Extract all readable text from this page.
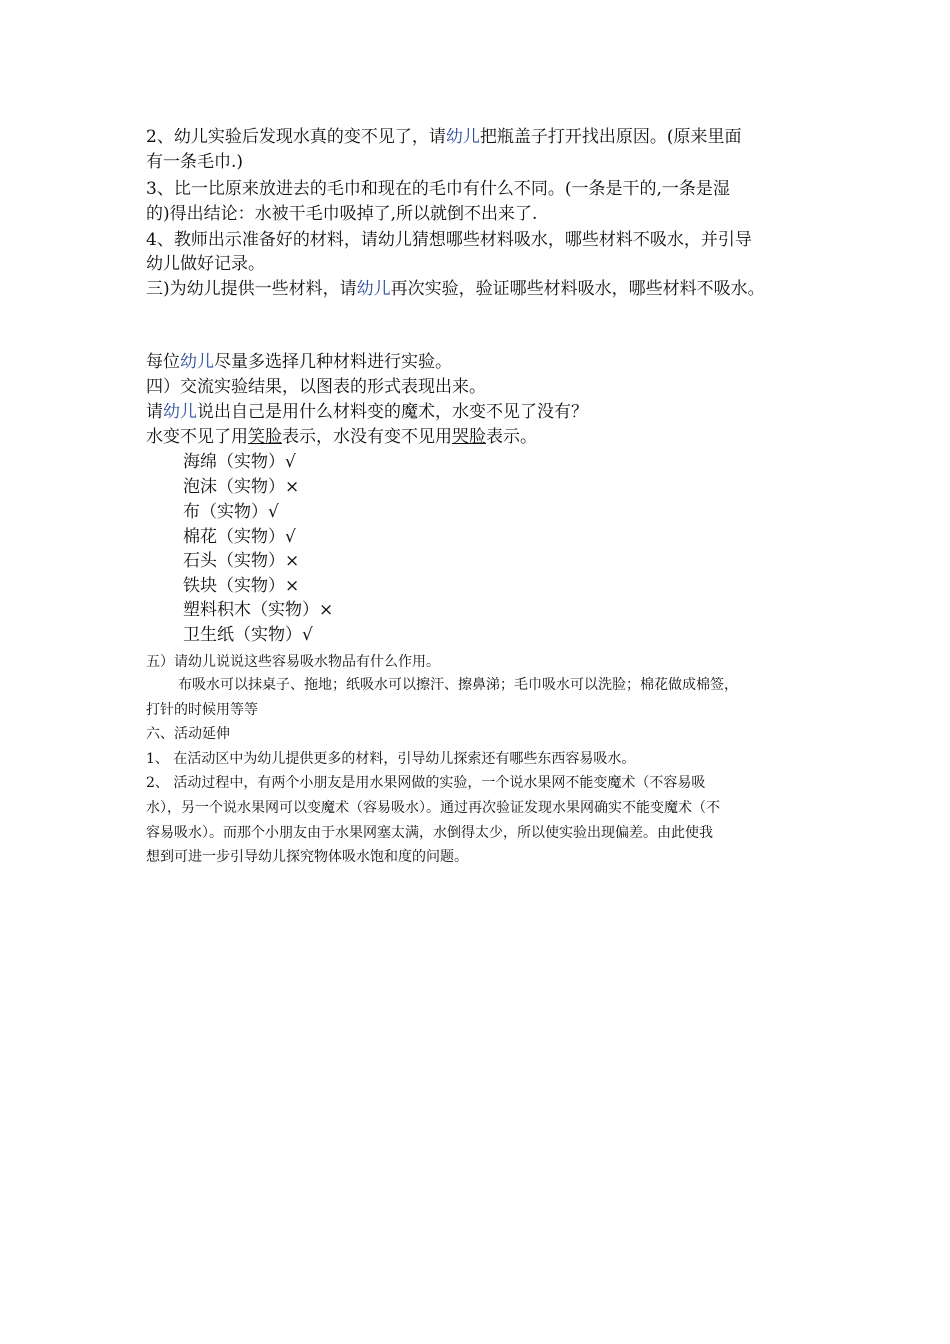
2、幼儿实验后发现水真的变不见了，请幼儿把瓶盖子打开找出原因。(原来里面
有一条毛巾.)
3、比一比原来放进去的毛巾和现在的毛巾有什么不同。(一条是干的,一条是湿
的)得出结论：水被干毛巾吸掉了,所以就倒不出来了.
4、教师出示准备好的材料，请幼儿猜想哪些材料吸水，哪些材料不吸水，并引导
幼儿做好记录。
三)为幼儿提供一些材料，请幼儿再次实验，验证哪些材料吸水，哪些材料不吸水。
每位幼儿尽量多选择几种材料进行实验。
四）交流实验结果，以图表的形式表现出来。
请幼儿说出自己是用什么材料变的魔术，水变不见了没有？
水变不见了用笑脸表示，水没有变不见用哭脸表示。
海绵（实物）√
泡沫（实物）×
布（实物）√
棉花（实物）√
石头（实物）×
铁块（实物）×
塑料积木（实物）×
卫生纸（实物）√
五）请幼儿说说这些容易吸水物品有什么作用。
布吸水可以抹桌子、拖地；纸吸水可以擦汗、擦鼻涕；毛巾吸水可以洗脸；棉花做成棉签，
打针的时候用等等
六、活动延伸
1、 在活动区中为幼儿提供更多的材料，引导幼儿探索还有哪些东西容易吸水。
2、 活动过程中，有两个小朋友是用水果网做的实验，一个说水果网不能变魔术（不容易吸
水），另一个说水果网可以变魔术（容易吸水）。通过再次验证发现水果网确实不能变魔术（不
容易吸水）。而那个小朋友由于水果网塞太满，水倒得太少，所以使实验出现偏差。由此使我
想到可进一步引导幼儿探究物体吸水饱和度的问题。
